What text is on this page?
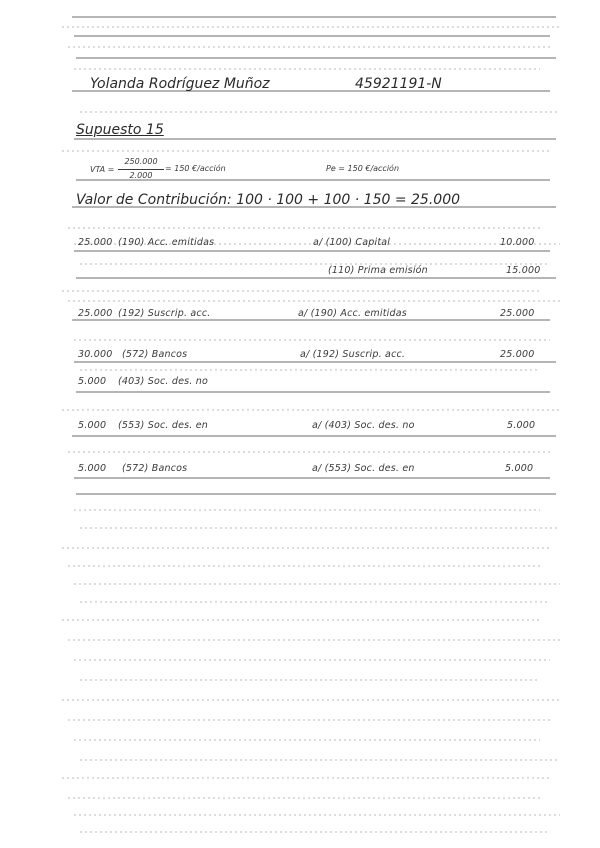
Yolanda Rodríguez Muñoz	45921191-N
Supuesto 15
VTA =
250.000
2.000
= 150 €/acción	Pe = 150 €/acción
Valor de Contribución: 100 · 100 + 100 · 150 = 25.000
25.000 (190) Acc. emitidas	a/ (100) Capital	10.000
(110) Prima emisión	15.000
25.000 (192) Suscrip. acc.	a/ (190) Acc. emitidas	25.000
30.000 (572) Bancos	a/ (192) Suscrip. acc.	25.000
5.000 (403) Soc. des. no
5.000 (553) Soc. des. en	a/ (403) Soc. des. no	5.000
5.000 (572) Bancos	a/ (553) Soc. des. en	5.000
